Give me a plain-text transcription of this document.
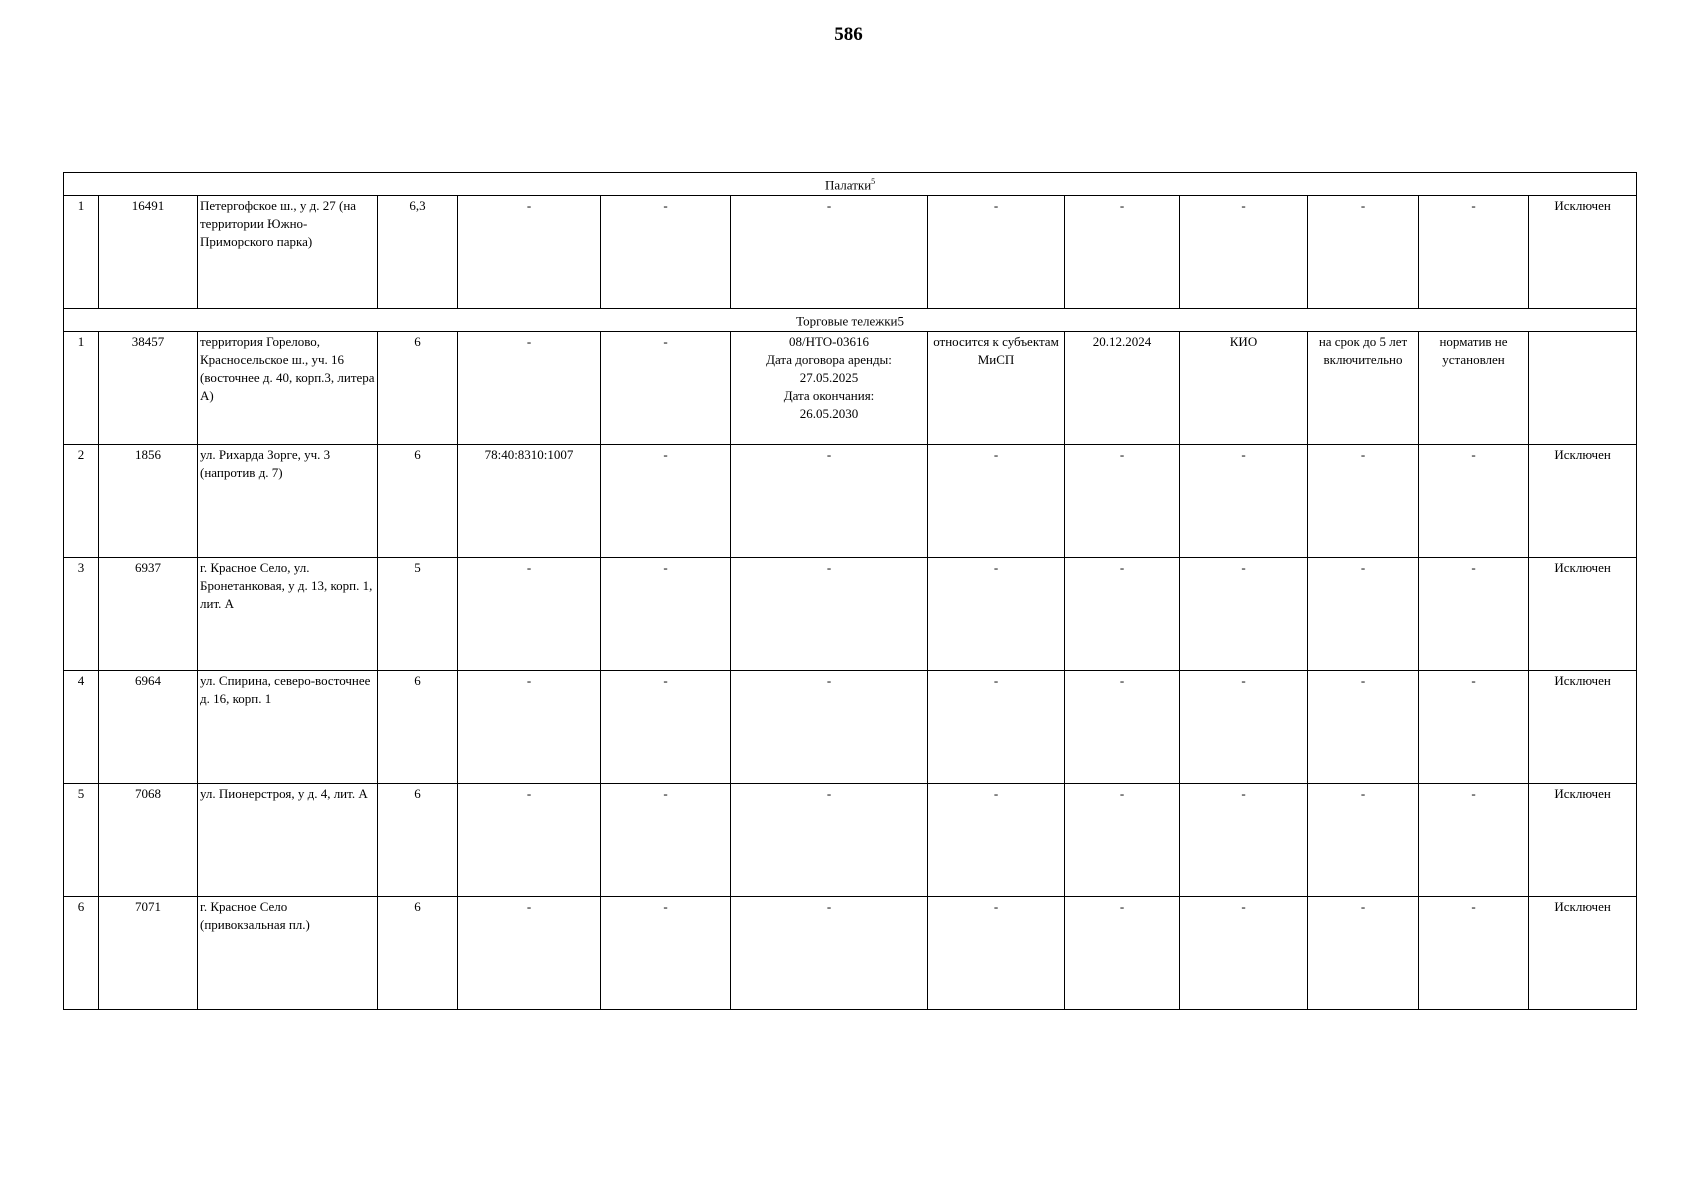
586
Палатки$^5$
1	16491	Петергофское ш., у д. 27 (на территории Южно-Приморского парка)	6,3	-	-	-	-	-	-	-	-	Исключен
Торговые тележки5												
1	38457	территория Горелово, Красносельское ш., уч. 16 (восточнее д. 40, корп.3, литера А)	6	-	-	08/НТО-03616
Дата договора аренды:
27.05.2025
Дата окончания:
26.05.2030	относится к субъектам МиСП	20.12.2024	КИО	на срок до 5 лет включительно	норматив не установлен	
2	1856	ул. Рихарда Зорге, уч. 3 (напротив д. 7)	6	78:40:8310:1007	-	-	-	-	-	-	-	Исключен
3	6937	г. Красное Село, ул. Бронетанковая, у д. 13, корп. 1, лит. А	5	-	-	-	-	-	-	-	-	Исключен
4	6964	ул. Спирина, северо-восточнее д. 16, корп. 1	6	-	-	-	-	-	-	-	-	Исключен
5	7068	ул. Пионерстроя, у д. 4, лит. А	6	-	-	-	-	-	-	-	-	Исключен
6	7071	г. Красное Село (привокзальная пл.)	6	-	-	-	-	-	-	-	-	Исключен
